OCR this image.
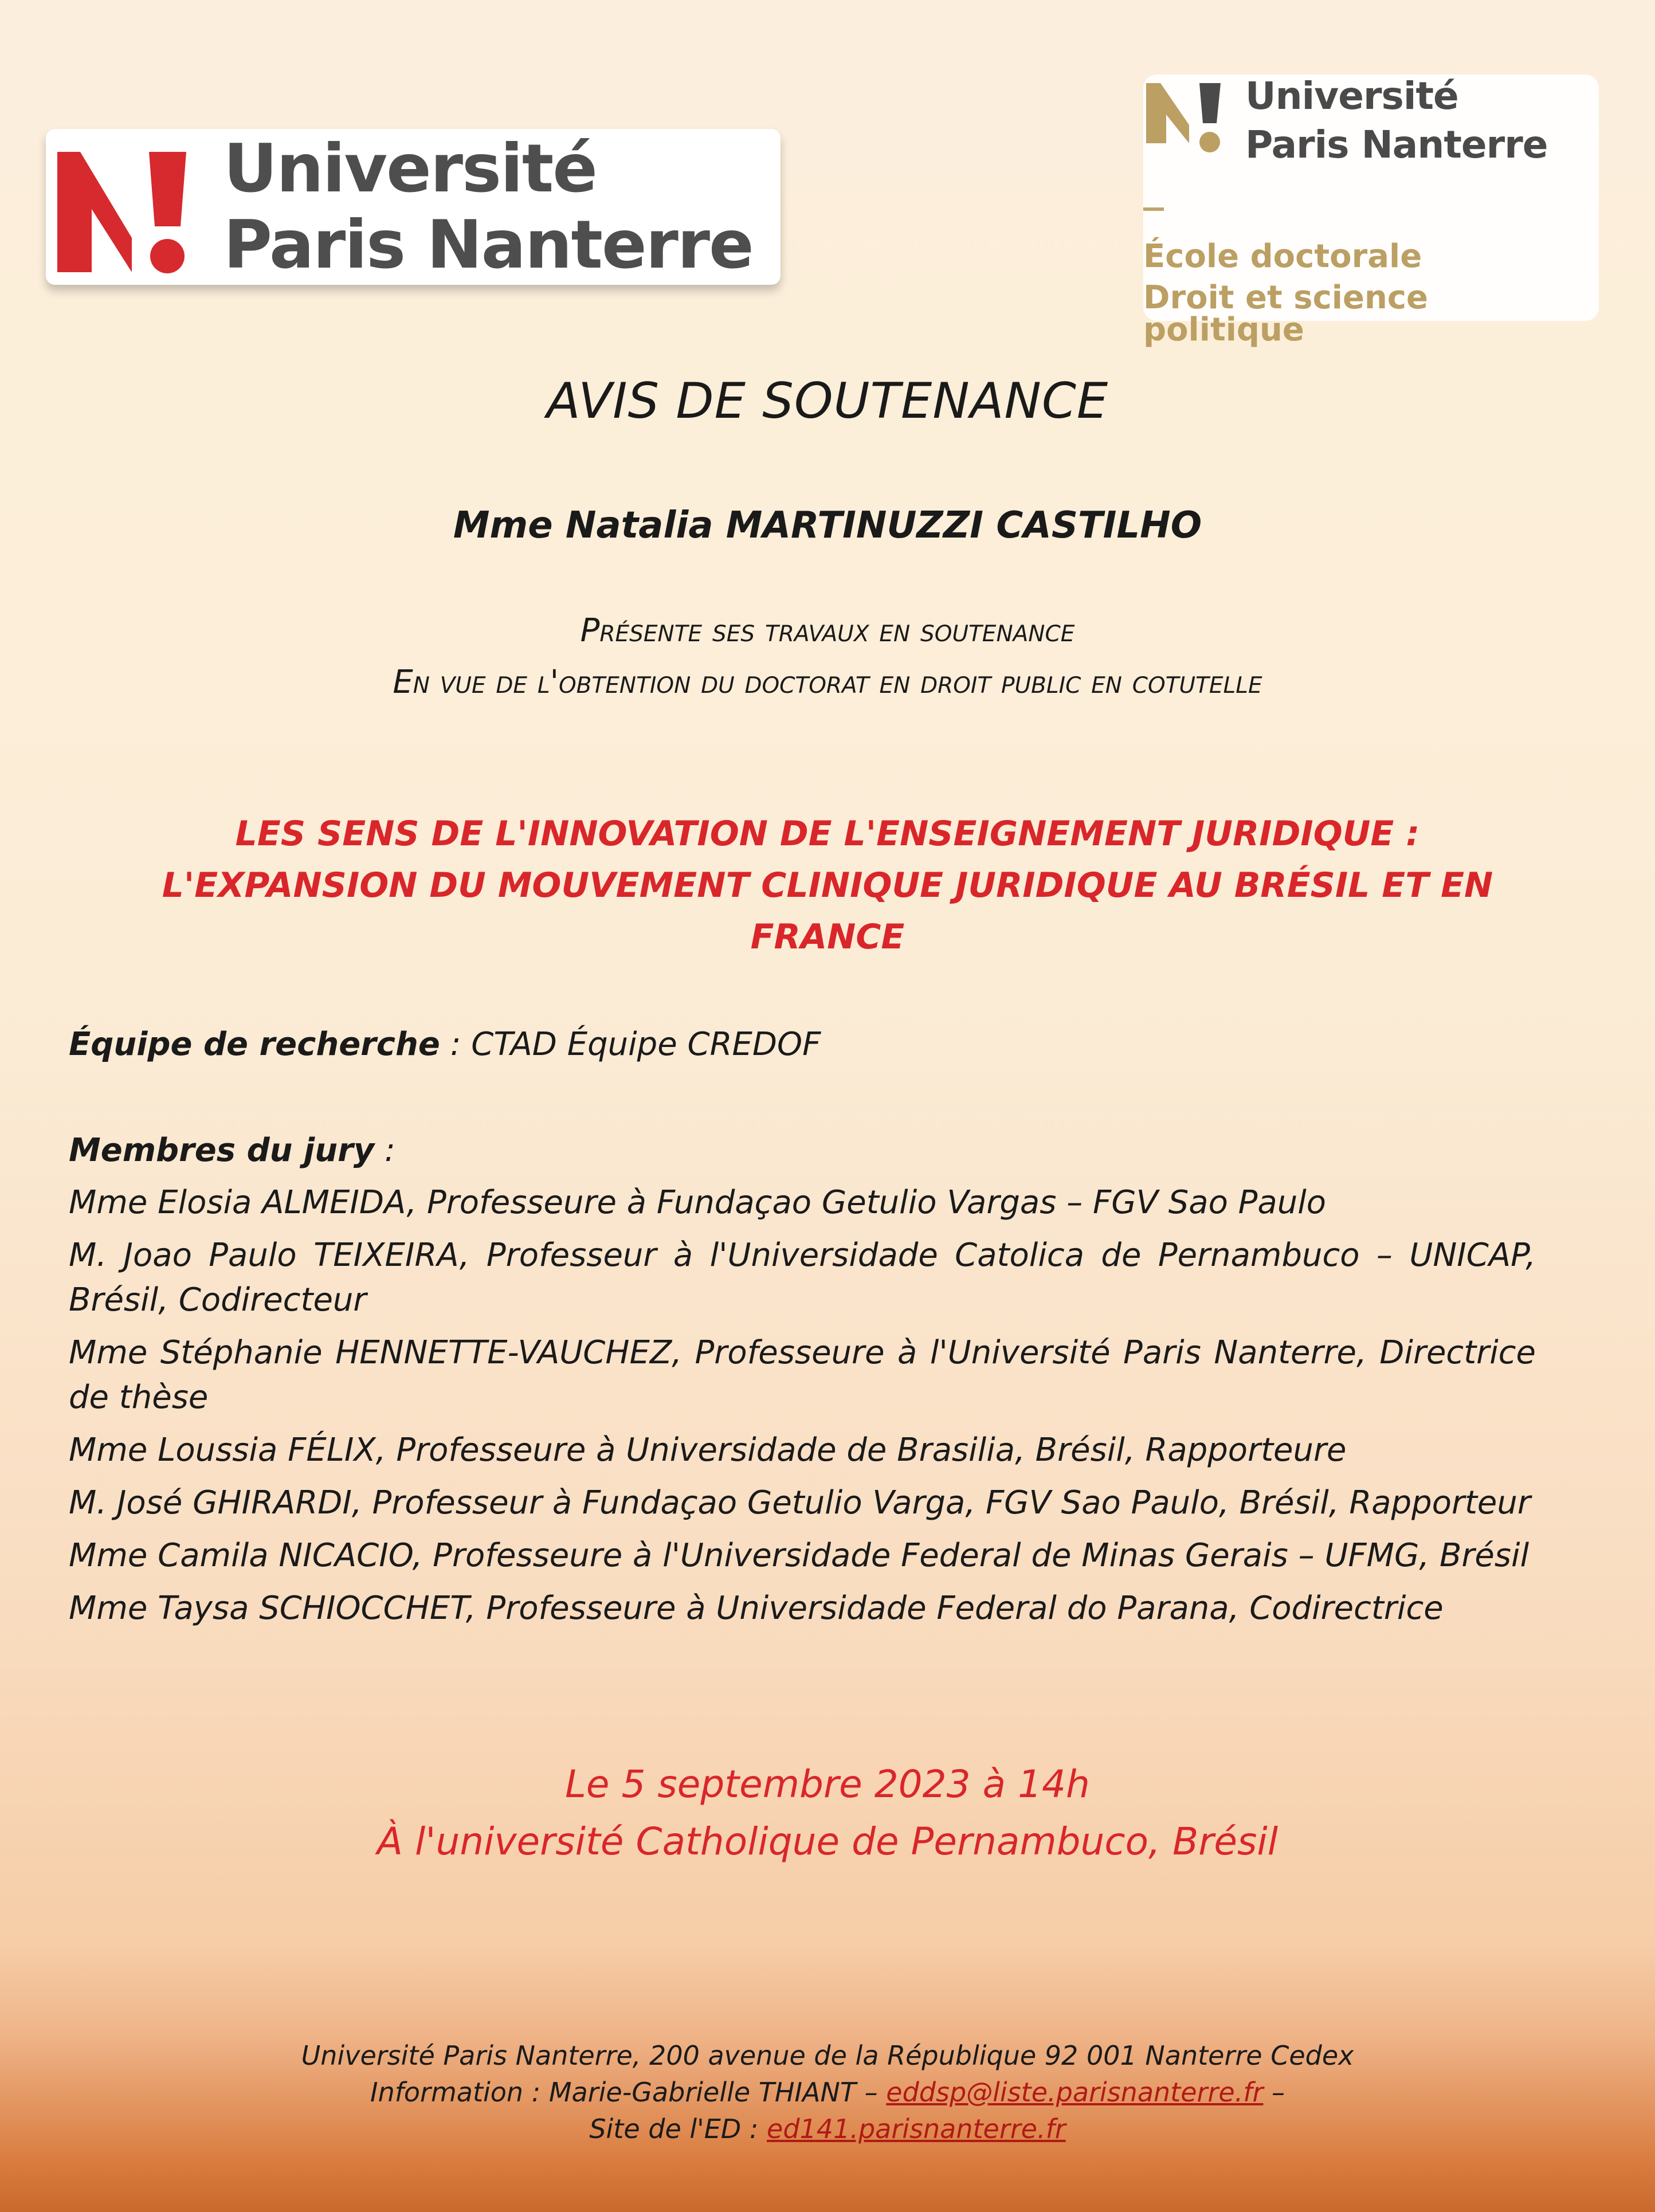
Université
Paris Nanterre
Université
Paris Nanterre
École doctorale
Droit et science politique
AVIS DE SOUTENANCE
Mme Natalia MARTINUZZI CASTILHO
Présente ses travaux en soutenance
En vue de l'obtention du doctorat en droit public en cotutelle
LES SENS DE L'INNOVATION DE L'ENSEIGNEMENT JURIDIQUE :
L'EXPANSION DU MOUVEMENT CLINIQUE JURIDIQUE AU BRÉSIL ET EN
FRANCE
Équipe de recherche : CTAD Équipe CREDOF
Membres du jury :
Mme Elosia ALMEIDA, Professeure à Fundaçao Getulio Vargas – FGV Sao Paulo
M. Joao Paulo TEIXEIRA, Professeur à l'Universidade Catolica de Pernambuco – UNICAP, Brésil, Codirecteur
Mme Stéphanie HENNETTE-VAUCHEZ, Professeure à l'Université Paris Nanterre, Directrice de thèse
Mme Loussia FÉLIX, Professeure à Universidade de Brasilia, Brésil, Rapporteure
M. José GHIRARDI, Professeur à Fundaçao Getulio Varga, FGV Sao Paulo, Brésil, Rapporteur
Mme Camila NICACIO, Professeure à l'Universidade Federal de Minas Gerais – UFMG, Brésil
Mme Taysa SCHIOCCHET, Professeure à Universidade Federal do Parana, Codirectrice
Le 5 septembre 2023 à 14h
À l'université Catholique de Pernambuco, Brésil
Université Paris Nanterre, 200 avenue de la République 92 001 Nanterre Cedex
Information : Marie-Gabrielle THIANT – eddsp@liste.parisnanterre.fr –
Site de l'ED : ed141.parisnanterre.fr
